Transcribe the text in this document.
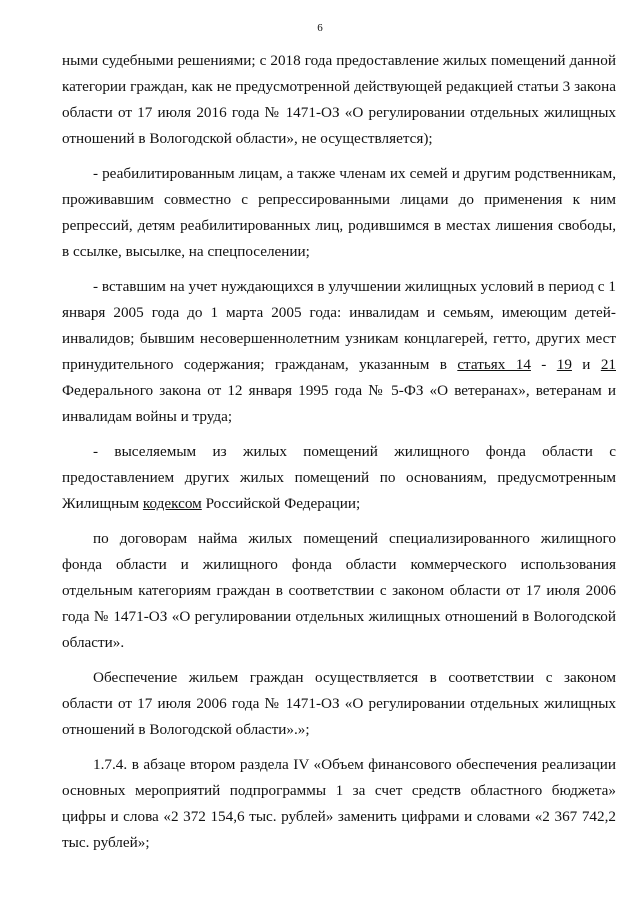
6

ными судебными решениями; с 2018 года предоставление жилых помещений данной категории граждан, как не предусмотренной действующей редакцией статьи 3 закона области от 17 июля 2016 года № 1471-ОЗ «О регулировании отдельных жилищных отношений в Вологодской области», не осуществляется);

- реабилитированным лицам, а также членам их семей и другим родственникам, проживавшим совместно с репрессированными лицами до применения к ним репрессий, детям реабилитированных лиц, родившимся в местах лишения свободы, в ссылке, высылке, на спецпоселении;

- вставшим на учет нуждающихся в улучшении жилищных условий в период с 1 января 2005 года до 1 марта 2005 года: инвалидам и семьям, имеющим детей-инвалидов; бывшим несовершеннолетним узникам концлагерей, гетто, других мест принудительного содержания; гражданам, указанным в статьях 14 - 19 и 21 Федерального закона от 12 января 1995 года № 5-ФЗ «О ветеранах», ветеранам и инвалидам войны и труда;

- выселяемым из жилых помещений жилищного фонда области с предоставлением других жилых помещений по основаниям, предусмотренным Жилищным кодексом Российской Федерации;

по договорам найма жилых помещений специализированного жилищного фонда области и жилищного фонда области коммерческого использования отдельным категориям граждан в соответствии с законом области от 17 июля 2006 года № 1471-ОЗ «О регулировании отдельных жилищных отношений в Вологодской области».

Обеспечение жильем граждан осуществляется в соответствии с законом области от 17 июля 2006 года № 1471-ОЗ «О регулировании отдельных жилищных отношений в Вологодской области».»;

1.7.4. в абзаце втором раздела IV «Объем финансового обеспечения реализации основных мероприятий подпрограммы 1 за счет средств областного бюджета» цифры и слова «2 372 154,6 тыс. рублей» заменить цифрами и словами «2 367 742,2 тыс. рублей»;
